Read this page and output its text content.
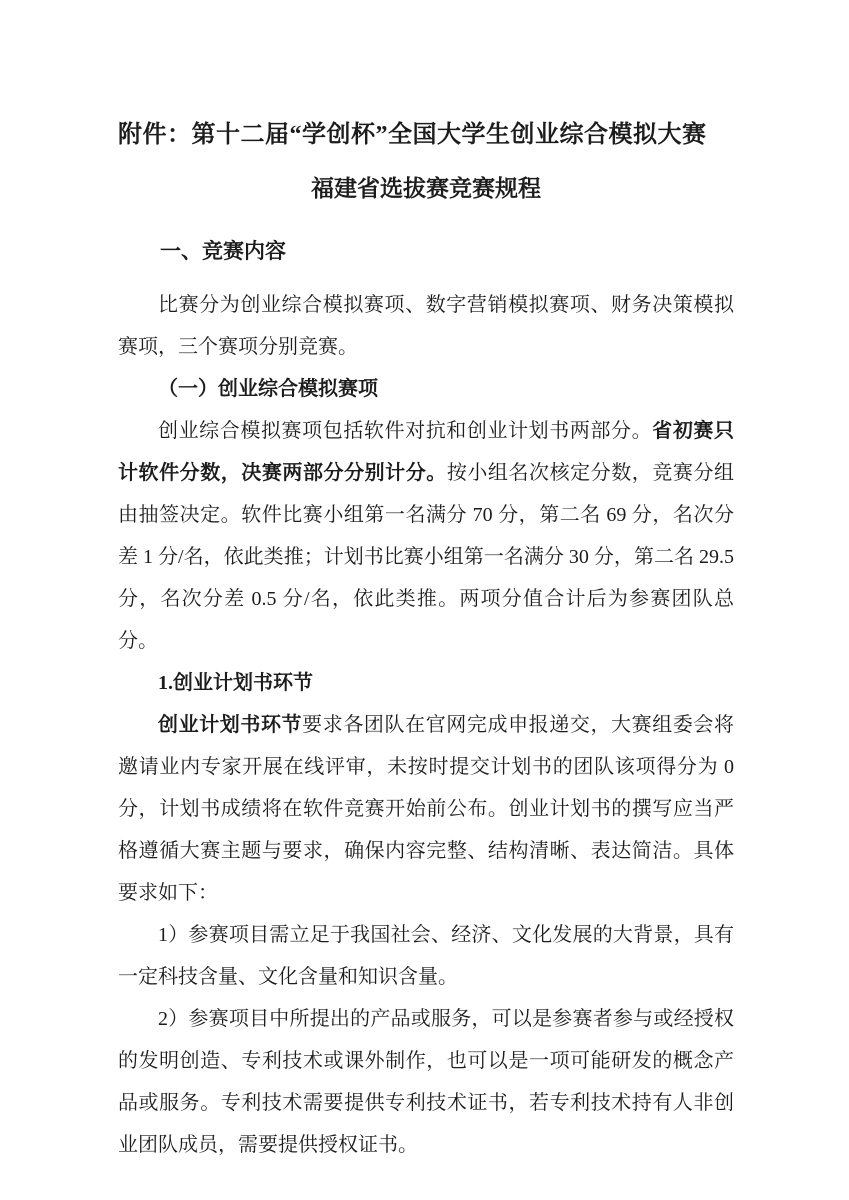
附件：第十二届“学创杯”全国大学生创业综合模拟大赛
福建省选拔赛竞赛规程
一、竞赛内容
比赛分为创业综合模拟赛项、数字营销模拟赛项、财务决策模拟赛项，三个赛项分别竞赛。
（一）创业综合模拟赛项
创业综合模拟赛项包括软件对抗和创业计划书两部分。省初赛只计软件分数，决赛两部分分别计分。按小组名次核定分数，竞赛分组由抽签决定。软件比赛小组第一名满分 70 分，第二名 69 分，名次分差 1 分/名，依此类推；计划书比赛小组第一名满分 30 分，第二名 29.5 分，名次分差 0.5 分/名，依此类推。两项分值合计后为参赛团队总分。
1.创业计划书环节
创业计划书环节要求各团队在官网完成申报递交，大赛组委会将邀请业内专家开展在线评审，未按时提交计划书的团队该项得分为 0 分，计划书成绩将在软件竞赛开始前公布。创业计划书的撰写应当严格遵循大赛主题与要求，确保内容完整、结构清晰、表达简洁。具体要求如下：
1）参赛项目需立足于我国社会、经济、文化发展的大背景，具有一定科技含量、文化含量和知识含量。
2）参赛项目中所提出的产品或服务，可以是参赛者参与或经授权的发明创造、专利技术或课外制作，也可以是一项可能研发的概念产品或服务。专利技术需要提供专利技术证书，若专利技术持有人非创业团队成员，需要提供授权证书。
